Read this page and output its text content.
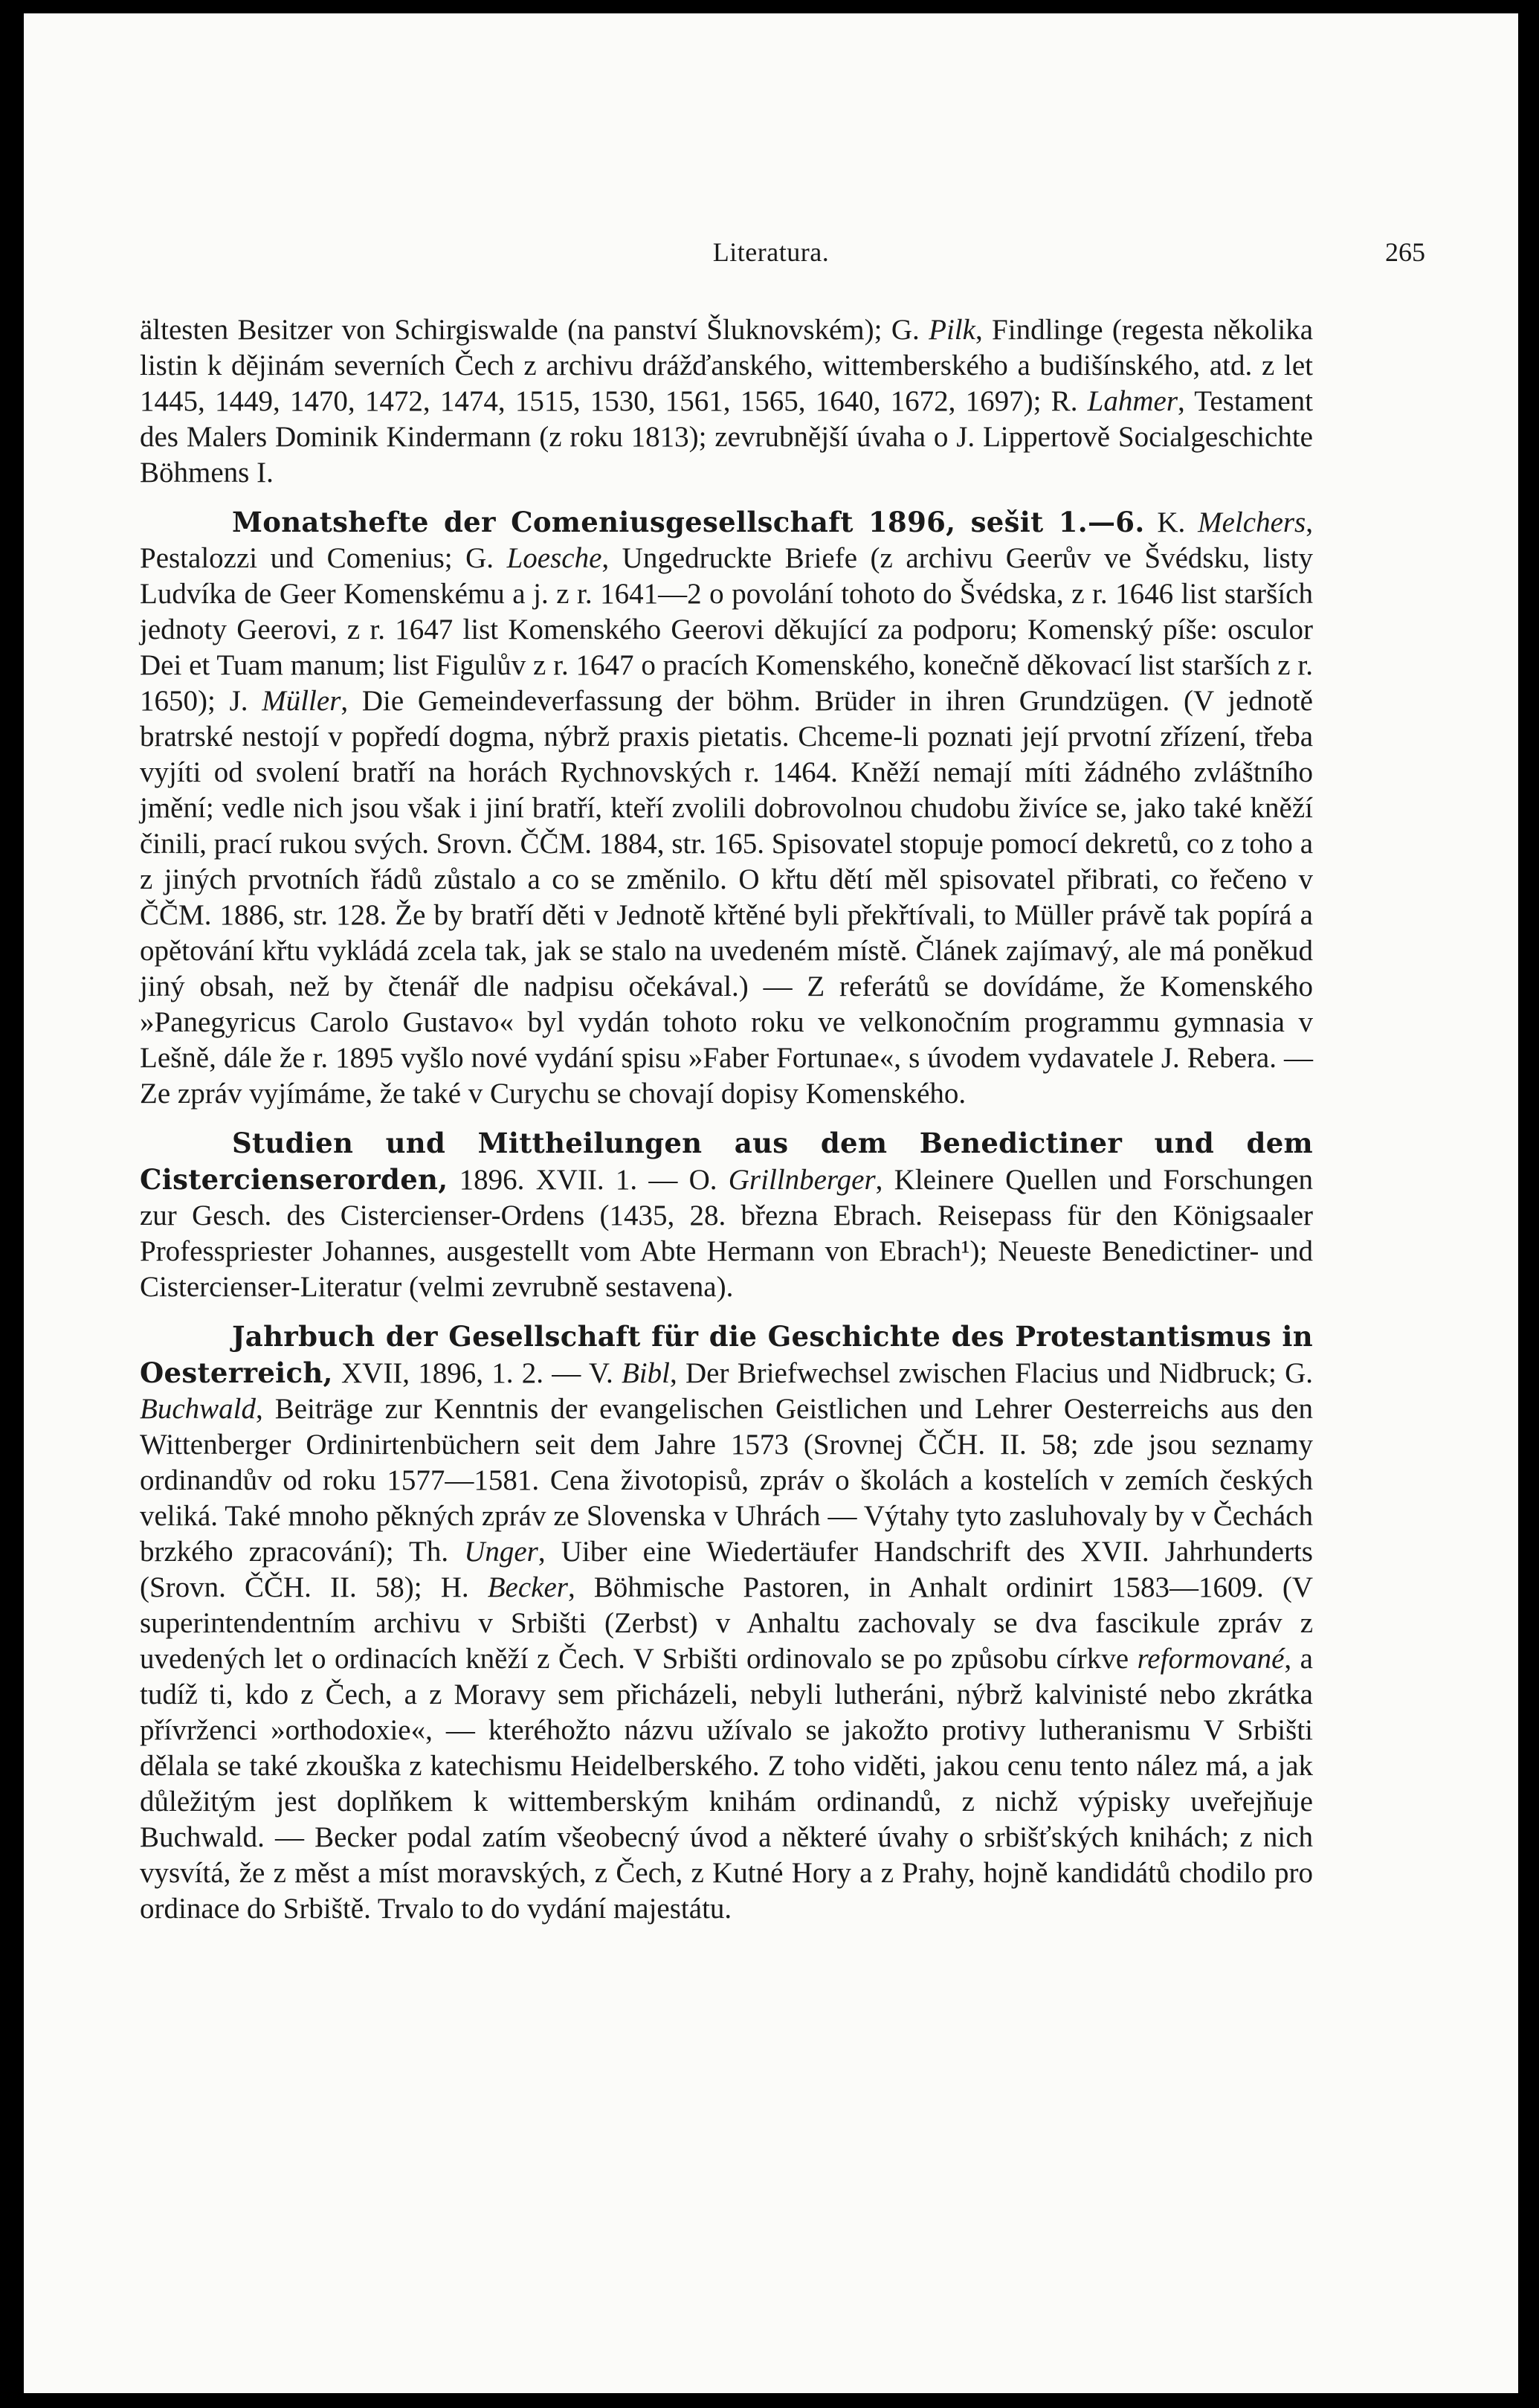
Literatura.	265

ältesten Besitzer von Schirgiswalde (na panství Šluknovském); G. Pilk, Findlinge (regesta několika listin k dějinám severních Čech z archivu drážďanského, wittemberského a budišínského, atd. z let 1445, 1449, 1470, 1472, 1474, 1515, 1530, 1561, 1565, 1640, 1672, 1697); R. Lahmer, Testament des Malers Dominik Kindermann (z roku 1813); zevrubnější úvaha o J. Lippertově Socialgeschichte Böhmens I.

Monatshefte der Comeniusgesellschaft 1896, sešit 1.—6. K. Melchers, Pestalozzi und Comenius; G. Loesche, Ungedruckte Briefe (z archivu Geerův ve Švédsku, listy Ludvíka de Geer Komenskému a j. z r. 1641—2 o povolání tohoto do Švédska, z r. 1646 list starších jednoty Geerovi, z r. 1647 list Komenského Geerovi děkující za podporu; Komenský píše: osculor Dei et Tuam manum; list Figulův z r. 1647 o pracích Komenského, konečně děkovací list starších z r. 1650); J. Müller, Die Gemeindeverfassung der böhm. Brüder in ihren Grundzügen. (V jednotě bratrské nestojí v popředí dogma, nýbrž praxis pietatis. Chceme-li poznati její prvotní zřízení, třeba vyjíti od svolení bratří na horách Rychnovských r. 1464. Kněží nemají míti žádného zvláštního jmění; vedle nich jsou však i jiní bratří, kteří zvolili dobrovolnou chudobu živíce se, jako také kněží činili, prací rukou svých. Srovn. ČČM. 1884, str. 165. Spisovatel stopuje pomocí dekretů, co z toho a z jiných prvotních řádů zůstalo a co se změnilo. O křtu dětí měl spisovatel přibrati, co řečeno v ČČM. 1886, str. 128. Že by bratří děti v Jednotě křtěné byli překřtívali, to Müller právě tak popírá a opětování křtu vykládá zcela tak, jak se stalo na uvedeném místě. Článek zajímavý, ale má poněkud jiný obsah, než by čtenář dle nadpisu očekával.) — Z referátů se dovídáme, že Komenského »Panegyricus Carolo Gustavo« byl vydán tohoto roku ve velkonočním programmu gymnasia v Lešně, dále že r. 1895 vyšlo nové vydání spisu »Faber Fortunae«, s úvodem vydavatele J. Rebera. — Ze zpráv vyjímáme, že také v Curychu se chovají dopisy Komenského.

Studien und Mittheilungen aus dem Benedictiner und dem Cistercienserorden, 1896. XVII. 1. — O. Grillnberger, Kleinere Quellen und Forschungen zur Gesch. des Cistercienser-Ordens (1435, 28. března Ebrach. Reisepass für den Königsaaler Professpriester Johannes, ausgestellt vom Abte Hermann von Ebrach¹); Neueste Benedictiner- und Cistercienser-Literatur (velmi zevrubně sestavena).

Jahrbuch der Gesellschaft für die Geschichte des Protestantismus in Oesterreich, XVII, 1896, 1. 2. — V. Bibl, Der Briefwechsel zwischen Flacius und Nidbruck; G. Buchwald, Beiträge zur Kenntnis der evangelischen Geistlichen und Lehrer Oesterreichs aus den Wittenberger Ordinirtenbüchern seit dem Jahre 1573 (Srovnej ČČH. II. 58; zde jsou seznamy ordinandův od roku 1577—1581. Cena životopisů, zpráv o školách a kostelích v zemích českých veliká. Také mnoho pěkných zpráv ze Slovenska v Uhrách — Výtahy tyto zasluhovaly by v Čechách brzkého zpracování); Th. Unger, Uiber eine Wiedertäufer Handschrift des XVII. Jahrhunderts (Srovn. ČČH. II. 58); H. Becker, Böhmische Pastoren, in Anhalt ordinirt 1583—1609. (V superintendentním archivu v Srbišti (Zerbst) v Anhaltu zachovaly se dva fascikule zpráv z uvedených let o ordinacích kněží z Čech. V Srbišti ordinovalo se po způsobu církve reformované, a tudíž ti, kdo z Čech, a z Moravy sem přicházeli, nebyli lutheráni, nýbrž kalvinisté nebo zkrátka přívrženci »orthodoxie«, — kteréhožto názvu užívalo se jakožto protivy lutheranismu V Srbišti dělala se také zkouška z katechismu Heidelberského. Z toho viděti, jakou cenu tento nález má, a jak důležitým jest doplňkem k wittemberským knihám ordinandů, z nichž výpisky uveřejňuje Buchwald. — Becker podal zatím všeobecný úvod a některé úvahy o srbišťských knihách; z nich vysvítá, že z měst a míst moravských, z Čech, z Kutné Hory a z Prahy, hojně kandidátů chodilo pro ordinace do Srbiště. Trvalo to do vydání majestátu.
